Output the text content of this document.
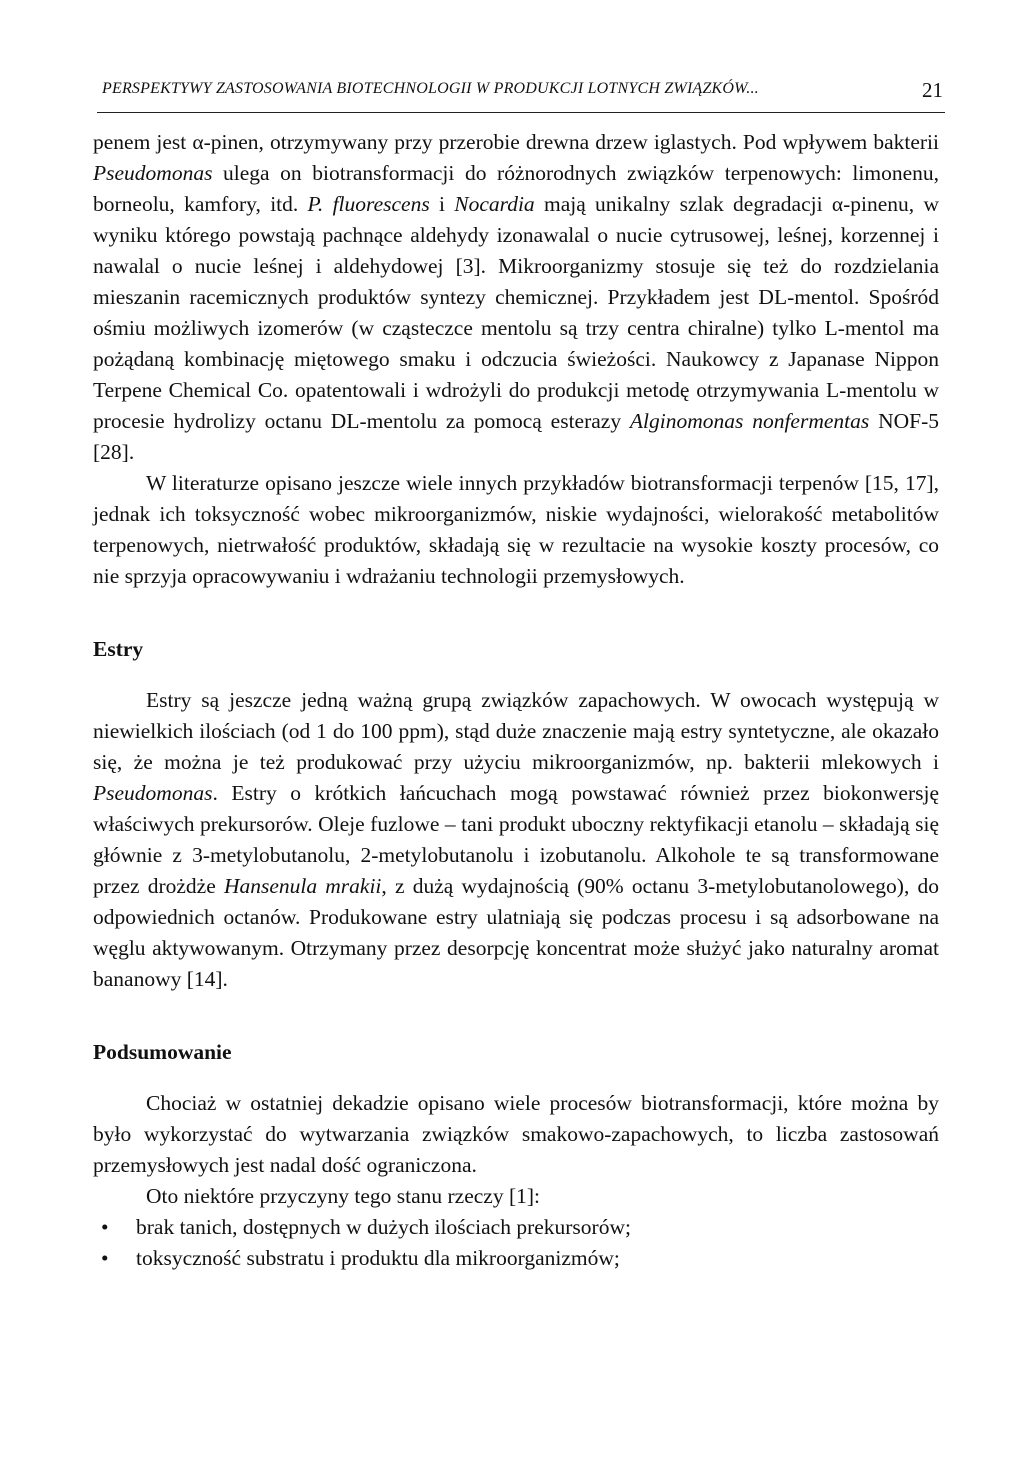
PERSPEKTYWY ZASTOSOWANIA BIOTECHNOLOGII W PRODUKCJI LOTNYCH ZWIĄZKÓW...	21

penem jest α-pinen, otrzymywany przy przerobie drewna drzew iglastych. Pod wpływem bakterii Pseudomonas ulega on biotransformacji do różnorodnych związków terpenowych: limonenu, borneolu, kamfory, itd. P. fluorescens i Nocardia mają unikalny szlak degradacji α-pinenu, w wyniku którego powstają pachnące aldehydy izonawalal o nucie cytrusowej, leśnej, korzennej i nawalal o nucie leśnej i aldehydowej [3]. Mikroorganizmy stosuje się też do rozdzielania mieszanin racemicznych produktów syntezy chemicznej. Przykładem jest DL-mentol. Spośród ośmiu możliwych izomerów (w cząsteczce mentolu są trzy centra chiralne) tylko L-mentol ma pożądaną kombinację miętowego smaku i odczucia świeżości. Naukowcy z Japanase Nippon Terpene Chemical Co. opatentowali i wdrożyli do produkcji metodę otrzymywania L-mentolu w procesie hydrolizy octanu DL-mentolu za pomocą esterazy Alginomonas nonfermentas NOF-5 [28].

W literaturze opisano jeszcze wiele innych przykładów biotransformacji terpenów [15, 17], jednak ich toksyczność wobec mikroorganizmów, niskie wydajności, wielorakość metabolitów terpenowych, nietrwałość produktów, składają się w rezultacie na wysokie koszty procesów, co nie sprzyja opracowywaniu i wdrażaniu technologii przemysłowych.

Estry

Estry są jeszcze jedną ważną grupą związków zapachowych. W owocach występują w niewielkich ilościach (od 1 do 100 ppm), stąd duże znaczenie mają estry syntetyczne, ale okazało się, że można je też produkować przy użyciu mikroorganizmów, np. bakterii mlekowych i Pseudomonas. Estry o krótkich łańcuchach mogą powstawać również przez biokonwersję właściwych prekursorów. Oleje fuzlowe – tani produkt uboczny rektyfikacji etanolu – składają się głównie z 3-metylobutanolu, 2-metylobutanolu i izobutanolu. Alkohole te są transformowane przez drożdże Hansenula mrakii, z dużą wydajnością (90% octanu 3-metylobutanolowego), do odpowiednich octanów. Produkowane estry ulatniają się podczas procesu i są adsorbowane na węglu aktywowanym. Otrzymany przez desorpcję koncentrat może służyć jako naturalny aromat bananowy [14].

Podsumowanie

Chociaż w ostatniej dekadzie opisano wiele procesów biotransformacji, które można by było wykorzystać do wytwarzania związków smakowo-zapachowych, to liczba zastosowań przemysłowych jest nadal dość ograniczona.

Oto niektóre przyczyny tego stanu rzeczy [1]:

• brak tanich, dostępnych w dużych ilościach prekursorów;
• toksyczność substratu i produktu dla mikroorganizmów;
